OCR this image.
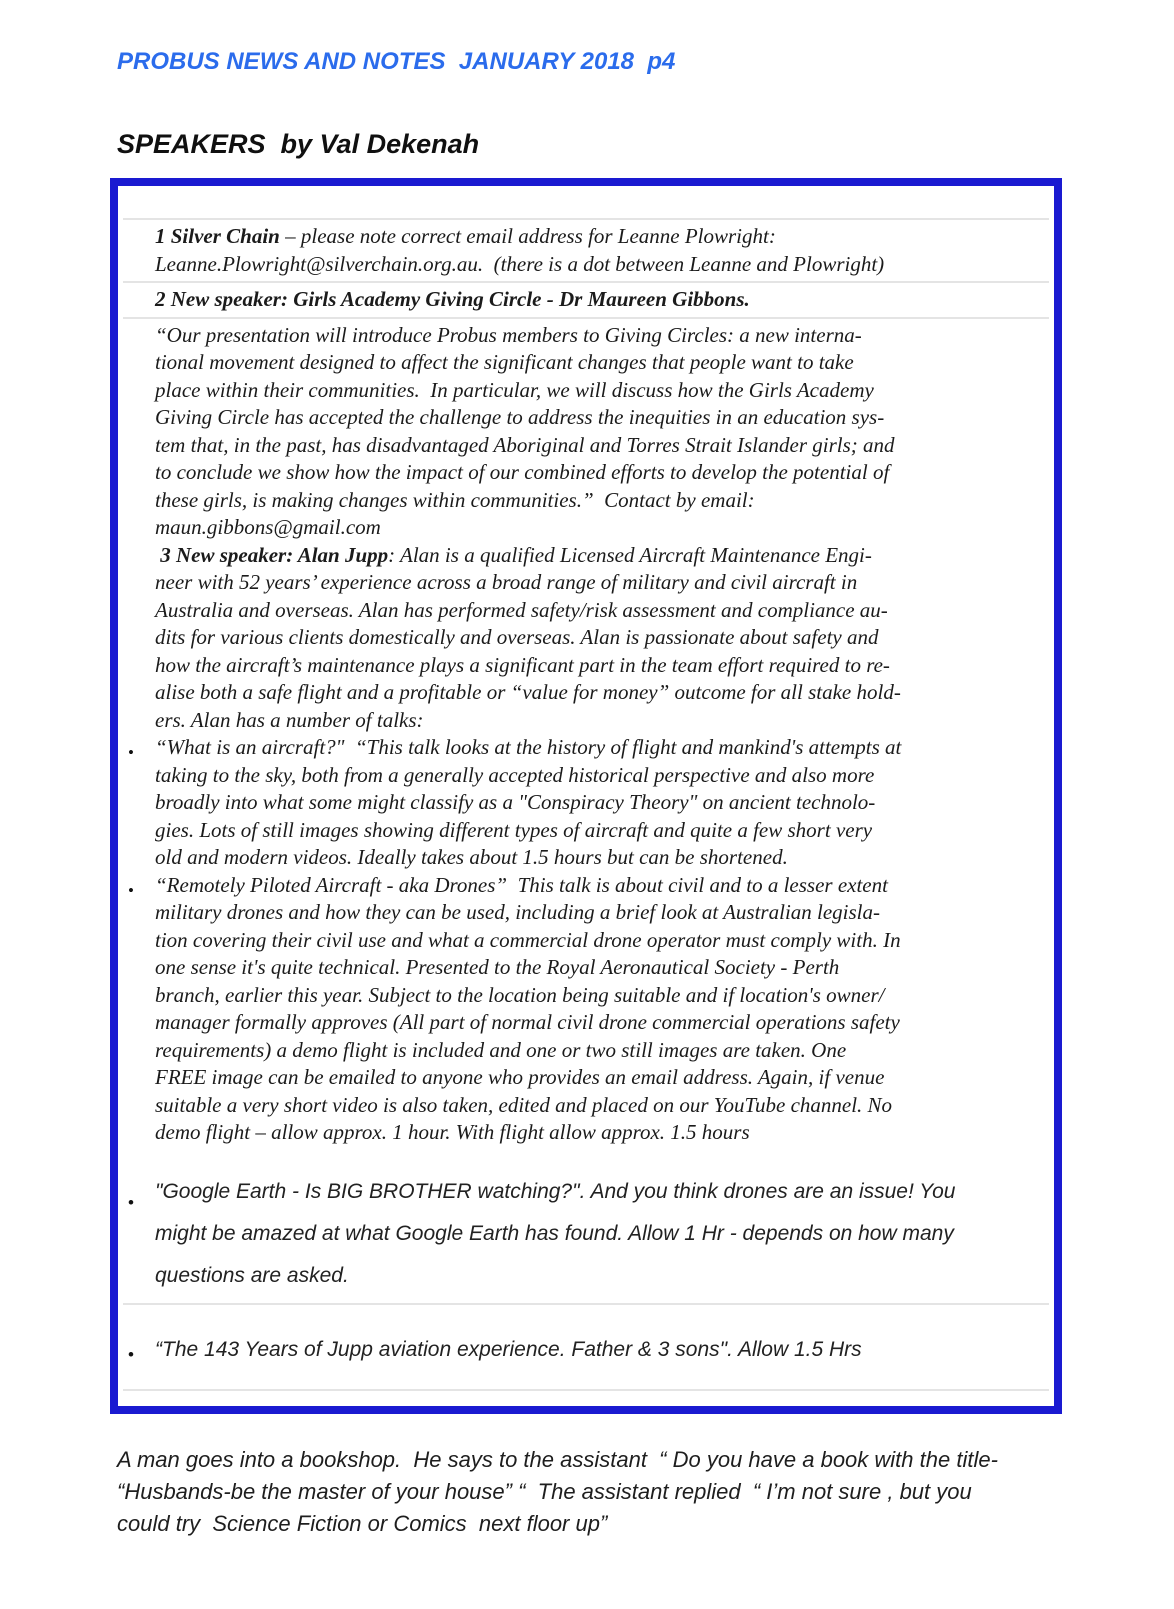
PROBUS NEWS AND NOTES  JANUARY 2018  p4
SPEAKERS  by Val Dekenah
1 Silver Chain – please note correct email address for Leanne Plowright:
Leanne.Plowright@silverchain.org.au.  (there is a dot between Leanne and Plowright)
2 New speaker: Girls Academy Giving Circle - Dr Maureen Gibbons.
“Our presentation will introduce Probus members to Giving Circles: a new interna-
tional movement designed to affect the significant changes that people want to take
place within their communities.  In particular, we will discuss how the Girls Academy
Giving Circle has accepted the challenge to address the inequities in an education sys-
tem that, in the past, has disadvantaged Aboriginal and Torres Strait Islander girls; and
to conclude we show how the impact of our combined efforts to develop the potential of
these girls, is making changes within communities.”  Contact by email:
maun.gibbons@gmail.com
3 New speaker: Alan Jupp: Alan is a qualified Licensed Aircraft Maintenance Engi-
neer with 52 years’ experience across a broad range of military and civil aircraft in
Australia and overseas. Alan has performed safety/risk assessment and compliance au-
dits for various clients domestically and overseas. Alan is passionate about safety and
how the aircraft’s maintenance plays a significant part in the team effort required to re-
alise both a safe flight and a profitable or “value for money” outcome for all stake hold-
ers. Alan has a number of talks:
• “What is an aircraft?"  “This talk looks at the history of flight and mankind's attempts at
taking to the sky, both from a generally accepted historical perspective and also more
broadly into what some might classify as a "Conspiracy Theory" on ancient technolo-
gies. Lots of still images showing different types of aircraft and quite a few short very
old and modern videos. Ideally takes about 1.5 hours but can be shortened.
• “Remotely Piloted Aircraft - aka Drones”  This talk is about civil and to a lesser extent
military drones and how they can be used, including a brief look at Australian legisla-
tion covering their civil use and what a commercial drone operator must comply with. In
one sense it's quite technical. Presented to the Royal Aeronautical Society - Perth
branch, earlier this year. Subject to the location being suitable and if location's owner/
manager formally approves (All part of normal civil drone commercial operations safety
requirements) a demo flight is included and one or two still images are taken. One
FREE image can be emailed to anyone who provides an email address. Again, if venue
suitable a very short video is also taken, edited and placed on our YouTube channel. No
demo flight – allow approx. 1 hour. With flight allow approx. 1.5 hours
• "Google Earth - Is BIG BROTHER watching?". And you think drones are an issue! You
might be amazed at what Google Earth has found. Allow 1 Hr - depends on how many
questions are asked.
• “The 143 Years of Jupp aviation experience. Father & 3 sons". Allow 1.5 Hrs
A man goes into a bookshop.  He says to the assistant  “ Do you have a book with the title-
“Husbands-be the master of your house” “  The assistant replied  “ I’m not sure , but you
could try  Science Fiction or Comics  next floor up”
